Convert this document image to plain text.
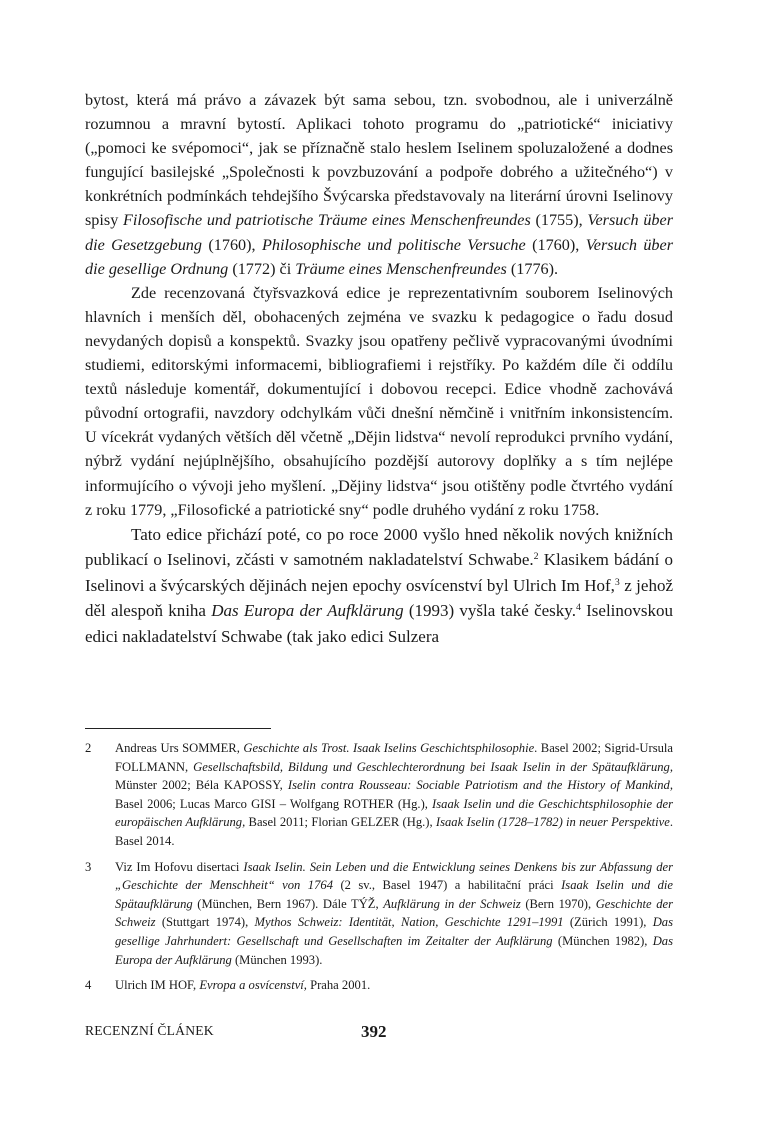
bytost, která má právo a závazek být sama sebou, tzn. svobodnou, ale i univerzálně rozumnou a mravní bytostí. Aplikaci tohoto programu do „patriotické“ iniciativy („pomoci ke svépomoci“, jak se příznačně stalo heslem Iselinem spoluzaložené a dodnes fungující basilejské „Společnosti k povzbuzování a podpoře dobrého a užitečného“) v konkrétních podmínkách tehdejšího Švýcarska představovaly na literární úrovni Iselinovy spisy Filosofische und patriotische Träume eines Menschenfreundes (1755), Versuch über die Gesetzgebung (1760), Philosophische und politische Versuche (1760), Versuch über die gesellige Ordnung (1772) či Träume eines Menschenfreundes (1776).

Zde recenzovaná čtyřsvazková edice je reprezentativním souborem Iselinových hlavních i menších děl, obohacených zejména ve svazku k pedagogice o řadu dosud nevydaných dopisů a konspektů. Svazky jsou opatřeny pečlivě vypracovanými úvodními studiemi, editorskými informacemi, bibliografiemi i rejstříky. Po každém díle či oddílu textů následuje komentář, dokumentující i dobovou recepci. Edice vhodně zachovává původní ortografii, navzdory odchylkám vůči dnešní němčině i vnitřním inkonsistencím. U vícekrát vydaných větších děl včetně „Dějin lidstva“ nevolí reprodukci prvního vydání, nýbrž vydání nejúplnějšího, obsahujícího pozdější autorovy doplňky a s tím nejlépe informujícího o vývoji jeho myšlení. „Dějiny lidstva“ jsou otištěny podle čtvrtého vydání z roku 1779, „Filosofické a patriotické sny“ podle druhého vydání z roku 1758.

Tato edice přichází poté, co po roce 2000 vyšlo hned několik nových knižních publikací o Iselinovi, zčásti v samotném nakladatelství Schwabe.$^2$ Klasikem bádání o Iselinovi a švýcarských dějinách nejen epochy osvícenství byl Ulrich Im Hof,$^3$ z jehož děl alespoň kniha Das Europa der Aufklärung (1993) vyšla také česky.$^4$ Iselinovskou edici nakladatelství Schwabe (tak jako edici Sulzera

2	Andreas Urs SOMMER, Geschichte als Trost. Isaak Iselins Geschichtsphilosophie. Basel 2002; Sigrid-Ursula FOLLMANN, Gesellschaftsbild, Bildung und Geschlechterordnung bei Isaak Iselin in der Spätaufklärung, Münster 2002; Béla KAPOSSY, Iselin contra Rousseau: Sociable Patriotism and the History of Mankind, Basel 2006; Lucas Marco GISI – Wolfgang ROTHER (Hg.), Isaak Iselin und die Geschichtsphilosophie der europäischen Aufklärung, Basel 2011; Florian GELZER (Hg.), Isaak Iselin (1728–1782) in neuer Perspektive. Basel 2014.
3	Viz Im Hofovu disertaci Isaak Iselin. Sein Leben und die Entwicklung seines Denkens bis zur Abfassung der „Geschichte der Menschheit“ von 1764 (2 sv., Basel 1947) a habilitační práci Isaak Iselin und die Spätaufklärung (München, Bern 1967). Dále TÝŽ, Aufklärung in der Schweiz (Bern 1970), Geschichte der Schweiz (Stuttgart 1974), Mythos Schweiz: Identität, Nation, Geschichte 1291–1991 (Zürich 1991), Das gesellige Jahrhundert: Gesellschaft und Gesellschaften im Zeitalter der Aufklärung (München 1982), Das Europa der Aufklärung (München 1993).
4	Ulrich IM HOF, Evropa a osvícenství, Praha 2001.
RECENZNÍ ČLÁNEK	392
